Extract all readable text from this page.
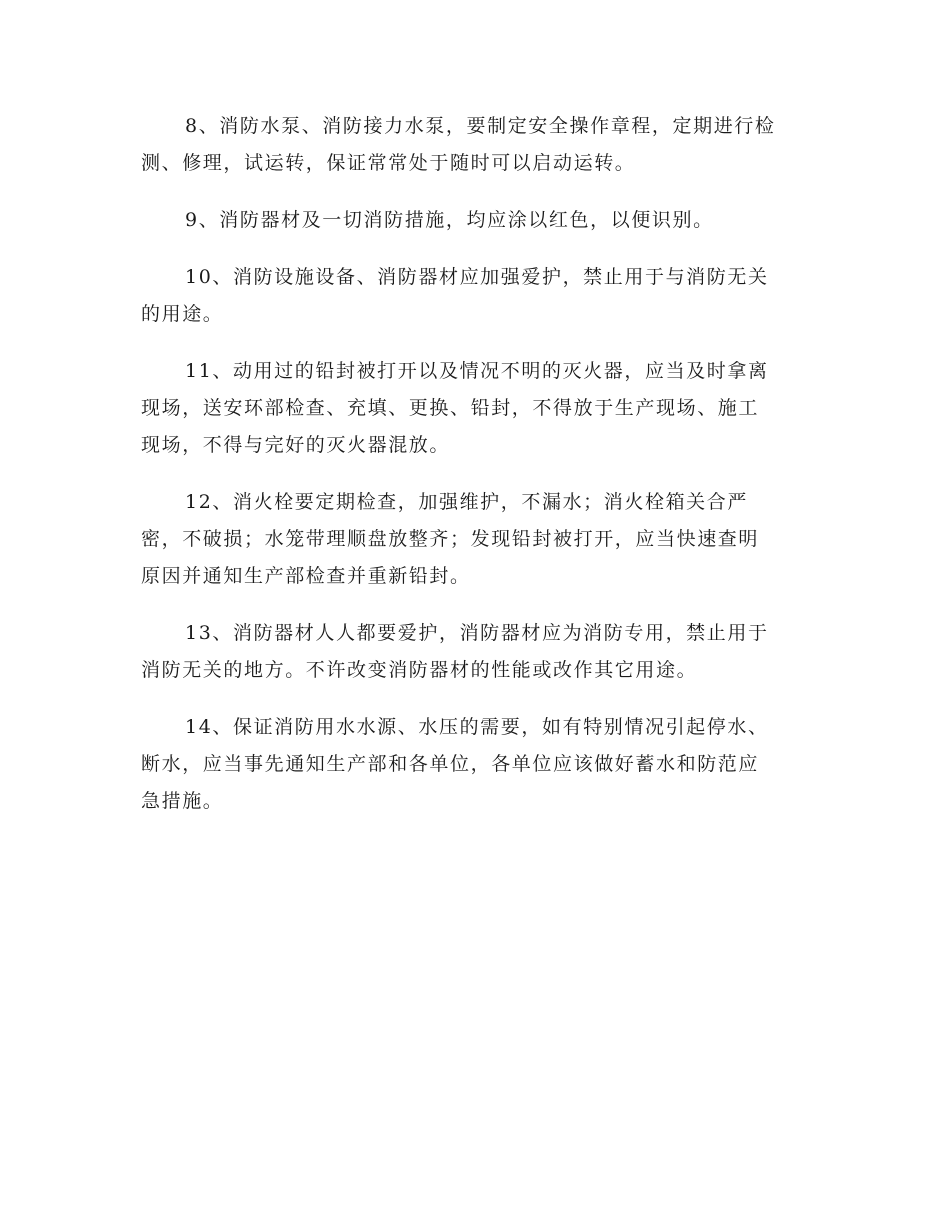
8、消防水泵、消防接力水泵，要制定安全操作章程，定期进行检
测、修理，试运转，保证常常处于随时可以启动运转。

9、消防器材及一切消防措施，均应涂以红色，以便识别。

10、消防设施设备、消防器材应加强爱护，禁止用于与消防无关
的用途。

11、动用过的铅封被打开以及情况不明的灭火器，应当及时拿离
现场，送安环部检查、充填、更换、铅封，不得放于生产现场、施工
现场，不得与完好的灭火器混放。

12、消火栓要定期检查，加强维护，不漏水；消火栓箱关合严
密，不破损；水笼带理顺盘放整齐；发现铅封被打开，应当快速查明
原因并通知生产部检查并重新铅封。

13、消防器材人人都要爱护，消防器材应为消防专用，禁止用于
消防无关的地方。不许改变消防器材的性能或改作其它用途。

14、保证消防用水水源、水压的需要，如有特别情况引起停水、
断水，应当事先通知生产部和各单位，各单位应该做好蓄水和防范应
急措施。
